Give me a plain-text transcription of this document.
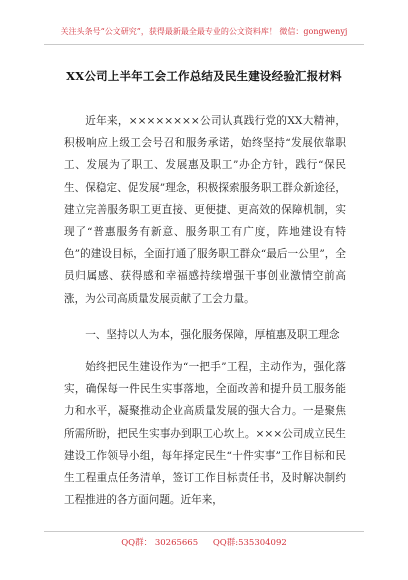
关注头条号“公文研究”，获得最新最全最专业的公文资料库！ 微信：gongwenyj
XX公司上半年工会工作总结及民生建设经验汇报材料

近年来，××××××××公司认真践行党的XX大精神，积极响应上级工会号召和服务承诺，始终坚持“发展依靠职工、发展为了职工、发展惠及职工”办企方针，践行“保民生、保稳定、促发展”理念，积极探索服务职工群众新途径，建立完善服务职工更直接、更便捷、更高效的保障机制，实现了“普惠服务有新意、服务职工有广度，阵地建设有特色”的建设目标，全面打通了服务职工群众“最后一公里”，全员归属感、获得感和幸福感持续增强干事创业激情空前高涨，为公司高质量发展贡献了工会力量。

一、坚持以人为本，强化服务保障，厚植惠及职工理念

始终把民生建设作为“一把手”工程，主动作为，强化落实，确保每一件民生实事落地，全面改善和提升员工服务能力和水平，凝聚推动企业高质量发展的强大合力。一是聚焦所需所盼，把民生实事办到职工心坎上。×××公司成立民生建设工作领导小组，每年择定民生“十件实事”工作目标和民生工程重点任务清单，签订工作目标责任书，及时解决制约工程推进的各方面问题。近年来，

QQ群： 30265665 QQ群:535304092
